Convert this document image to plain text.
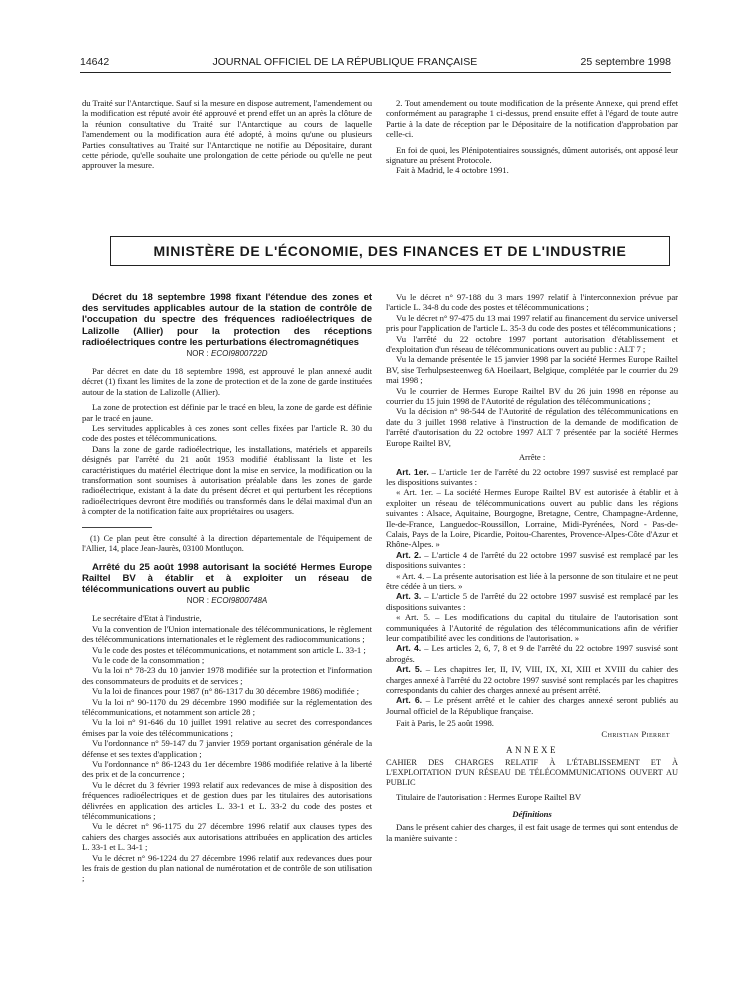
14642	JOURNAL OFFICIEL DE LA RÉPUBLIQUE FRANÇAISE	25 septembre 1998

du Traité sur l'Antarctique. Sauf si la mesure en dispose autrement, l'amendement ou la modification est réputé avoir été approuvé et prend effet un an après la clôture de la réunion consultative du Traité sur l'Antarctique au cours de laquelle l'amendement ou la modification aura été adopté, à moins qu'une ou plusieurs Parties consultatives au Traité sur l'Antarctique ne notifie au Dépositaire, durant cette période, qu'elle souhaite une prolongation de cette période ou qu'elle ne peut approuver la mesure.

2. Tout amendement ou toute modification de la présente Annexe, qui prend effet conformément au paragraphe 1 ci-dessus, prend ensuite effet à l'égard de toute autre Partie à la date de réception par le Dépositaire de la notification d'approbation par celle-ci.

En foi de quoi, les Plénipotentiaires soussignés, dûment autorisés, ont apposé leur signature au présent Protocole.

Fait à Madrid, le 4 octobre 1991.

MINISTÈRE DE L'ÉCONOMIE, DES FINANCES ET DE L'INDUSTRIE

Décret du 18 septembre 1998 fixant l'étendue des zones et des servitudes applicables autour de la station de contrôle de l'occupation du spectre des fréquences radioélectriques de Lalizolle (Allier) pour la protection des réceptions radioélectriques contre les perturbations électromagnétiques

NOR : ECOI9800722D

Par décret en date du 18 septembre 1998, est approuvé le plan annexé audit décret (1) fixant les limites de la zone de protection et de la zone de garde instituées autour de la station de Lalizolle (Allier).

La zone de protection est définie par le tracé en bleu, la zone de garde est définie par le tracé en jaune.

Les servitudes applicables à ces zones sont celles fixées par l'article R. 30 du code des postes et télécommunications.

Dans la zone de garde radioélectrique, les installations, matériels et appareils désignés par l'arrêté du 21 août 1953 modifié établissant la liste et les caractéristiques du matériel électrique dont la mise en service, la modification ou la transformation sont soumises à autorisation préalable dans les zones de garde radioélectrique, existant à la date du présent décret et qui perturbent les réceptions radioélectriques devront être modifiés ou transformés dans le délai maximal d'un an à compter de la notification faite aux propriétaires ou usagers.

(1) Ce plan peut être consulté à la direction départementale de l'équipement de l'Allier, 14, place Jean-Jaurès, 03100 Montluçon.

Arrêté du 25 août 1998 autorisant la société Hermes Europe Railtel BV à établir et à exploiter un réseau de télécommunications ouvert au public

NOR : ECOI9800748A

Le secrétaire d'Etat à l'industrie,

Vu la convention de l'Union internationale des télécommunications, le règlement des télécommunications internationales et le règlement des radiocommunications ;

Vu le code des postes et télécommunications, et notamment son article L. 33-1 ;

Vu le code de la consommation ;

Vu la loi n° 78-23 du 10 janvier 1978 modifiée sur la protection et l'information des consommateurs de produits et de services ;

Vu la loi de finances pour 1987 (n° 86-1317 du 30 décembre 1986) modifiée ;

Vu la loi n° 90-1170 du 29 décembre 1990 modifiée sur la réglementation des télécommunications, et notamment son article 28 ;

Vu la loi n° 91-646 du 10 juillet 1991 relative au secret des correspondances émises par la voie des télécommunications ;

Vu l'ordonnance n° 59-147 du 7 janvier 1959 portant organisation générale de la défense et ses textes d'application ;

Vu l'ordonnance n° 86-1243 du 1er décembre 1986 modifiée relative à la liberté des prix et de la concurrence ;

Vu le décret du 3 février 1993 relatif aux redevances de mise à disposition des fréquences radioélectriques et de gestion dues par les titulaires des autorisations délivrées en application des articles L. 33-1 et L. 33-2 du code des postes et télécommunications ;

Vu le décret n° 96-1175 du 27 décembre 1996 relatif aux clauses types des cahiers des charges associés aux autorisations attribuées en application des articles L. 33-1 et L. 34-1 ;

Vu le décret n° 96-1224 du 27 décembre 1996 relatif aux redevances dues pour les frais de gestion du plan national de numérotation et de contrôle de son utilisation ;

Vu le décret n° 97-188 du 3 mars 1997 relatif à l'interconnexion prévue par l'article L. 34-8 du code des postes et télécommunications ;

Vu le décret n° 97-475 du 13 mai 1997 relatif au financement du service universel pris pour l'application de l'article L. 35-3 du code des postes et télécommunications ;

Vu l'arrêté du 22 octobre 1997 portant autorisation d'établissement et d'exploitation d'un réseau de télécommunications ouvert au public : ALT 7 ;

Vu la demande présentée le 15 janvier 1998 par la société Hermes Europe Railtel BV, sise Terhulpsesteenweg 6A Hoeilaart, Belgique, complétée par le courrier du 29 mai 1998 ;

Vu le courrier de Hermes Europe Railtel BV du 26 juin 1998 en réponse au courrier du 15 juin 1998 de l'Autorité de régulation des télécommunications ;

Vu la décision n° 98-544 de l'Autorité de régulation des télécommunications en date du 3 juillet 1998 relative à l'instruction de la demande de modification de l'arrêté d'autorisation du 22 octobre 1997 ALT 7 présentée par la société Hermes Europe Railtel BV,

Arrête :

Art. 1er. – L'article 1er de l'arrêté du 22 octobre 1997 susvisé est remplacé par les dispositions suivantes :

« Art. 1er. – La société Hermes Europe Railtel BV est autorisée à établir et à exploiter un réseau de télécommunications ouvert au public dans les régions suivantes : Alsace, Aquitaine, Bourgogne, Bretagne, Centre, Champagne-Ardenne, Ile-de-France, Languedoc-Roussillon, Lorraine, Midi-Pyrénées, Nord - Pas-de-Calais, Pays de la Loire, Picardie, Poitou-Charentes, Provence-Alpes-Côte d'Azur et Rhône-Alpes. »

Art. 2. – L'article 4 de l'arrêté du 22 octobre 1997 susvisé est remplacé par les dispositions suivantes :

« Art. 4. – La présente autorisation est liée à la personne de son titulaire et ne peut être cédée à un tiers. »

Art. 3. – L'article 5 de l'arrêté du 22 octobre 1997 susvisé est remplacé par les dispositions suivantes :

« Art. 5. – Les modifications du capital du titulaire de l'autorisation sont communiquées à l'Autorité de régulation des télécommunications afin de vérifier leur compatibilité avec les conditions de l'autorisation. »

Art. 4. – Les articles 2, 6, 7, 8 et 9 de l'arrêté du 22 octobre 1997 susvisé sont abrogés.

Art. 5. – Les chapitres Ier, II, IV, VIII, IX, XI, XIII et XVIII du cahier des charges annexé à l'arrêté du 22 octobre 1997 susvisé sont remplacés par les chapitres correspondants du cahier des charges annexé au présent arrêté.

Art. 6. – Le présent arrêté et le cahier des charges annexé seront publiés au Journal officiel de la République française.

Fait à Paris, le 25 août 1998.

Christian Pierret

ANNEXE

CAHIER DES CHARGES RELATIF À L'ÉTABLISSEMENT ET À L'EXPLOITATION D'UN RÉSEAU DE TÉLÉCOMMUNICATIONS OUVERT AU PUBLIC

Titulaire de l'autorisation : Hermes Europe Railtel BV

Définitions

Dans le présent cahier des charges, il est fait usage de termes qui sont entendus de la manière suivante :
